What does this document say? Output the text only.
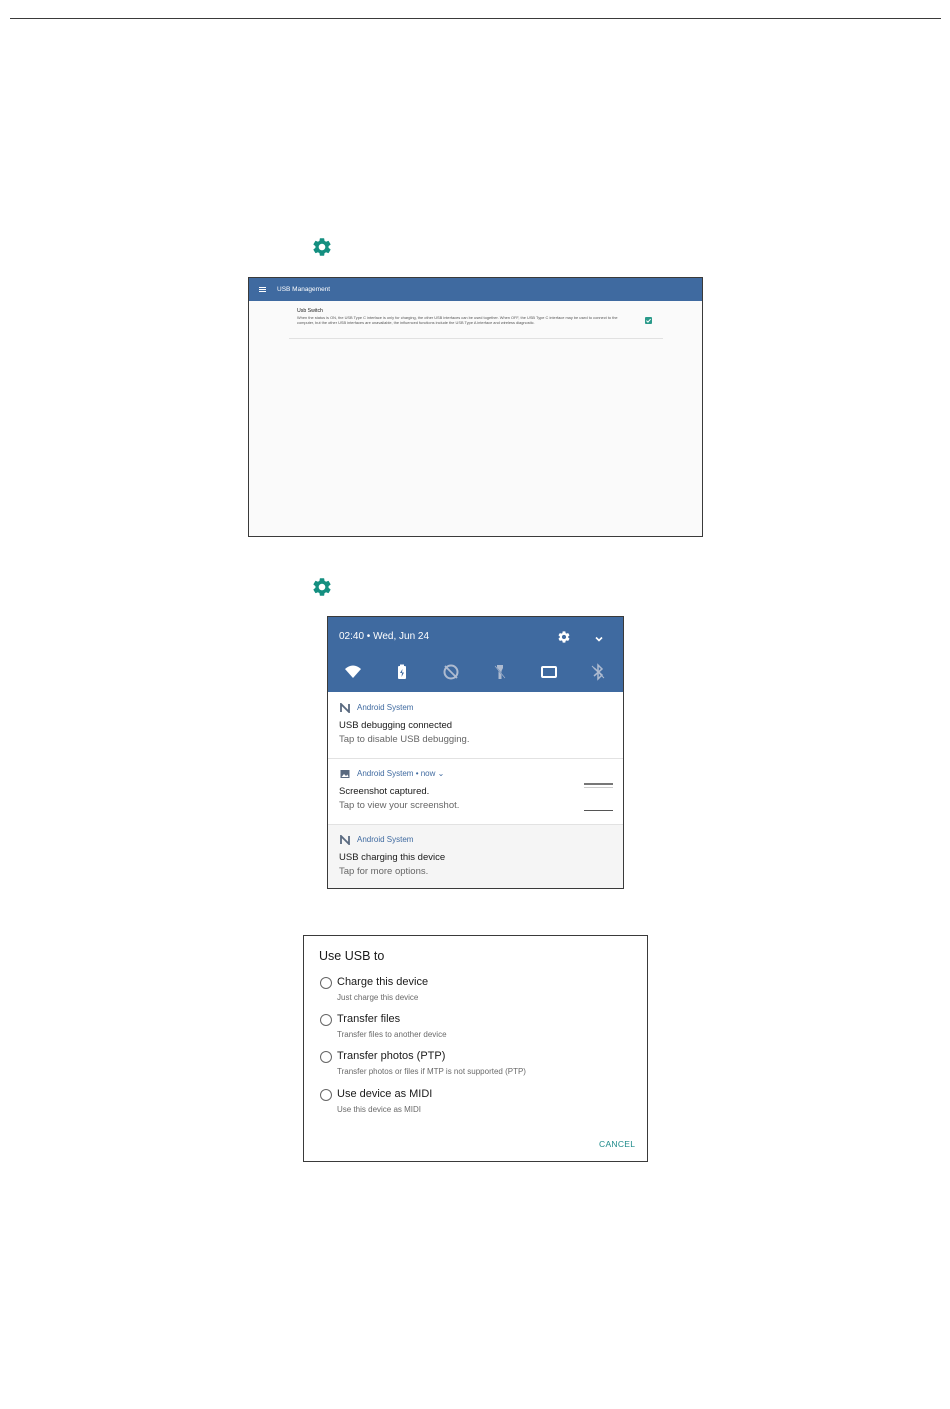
USB Management
Usb Switch
When the status is ON, the USB Type C interface is only for charging, the other USB interfaces can be used together. When OFF, the USB Type C interface may be used to connect to the computer, but the other USB interfaces are unavailable, the influenced functions include the USB Type A interface and wireless diagnostic.
02:40 • Wed, Jun 24
Android System
USB debugging connected
Tap to disable USB debugging.
Android System • now ⌄
Screenshot captured.
Tap to view your screenshot.
Android System
USB charging this device
Tap for more options.
Use USB to
Charge this device
Just charge this device
Transfer files
Transfer files to another device
Transfer photos (PTP)
Transfer photos or files if MTP is not supported (PTP)
Use device as MIDI
Use this device as MIDI
CANCEL
